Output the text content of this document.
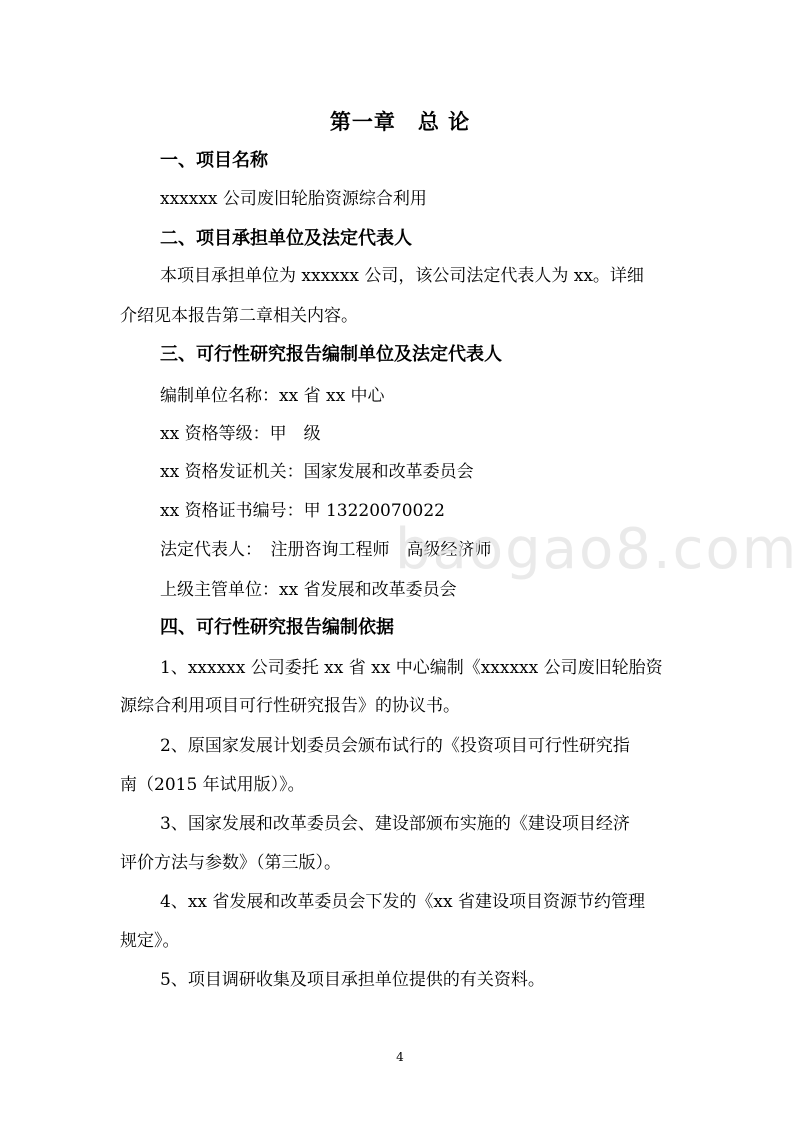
第一章　总 论
一、项目名称
xxxxxx 公司废旧轮胎资源综合利用
二、项目承担单位及法定代表人
本项目承担单位为 xxxxxx 公司，该公司法定代表人为 xx。详细
介绍见本报告第二章相关内容。
三、可行性研究报告编制单位及法定代表人
编制单位名称：xx 省 xx 中心
xx 资格等级：甲　级
xx 资格发证机关：国家发展和改革委员会
xx 资格证书编号：甲 13220070022
法定代表人：　注册咨询工程师　高级经济师
上级主管单位：xx 省发展和改革委员会
四、可行性研究报告编制依据
1、xxxxxx 公司委托 xx 省 xx 中心编制《xxxxxx 公司废旧轮胎资
源综合利用项目可行性研究报告》的协议书。
2、原国家发展计划委员会颁布试行的《投资项目可行性研究指
南（2015 年试用版）》。
3、国家发展和改革委员会、建设部颁布实施的《建设项目经济
评价方法与参数》（第三版）。
4、xx 省发展和改革委员会下发的《xx 省建设项目资源节约管理
规定》。
5、项目调研收集及项目承担单位提供的有关资料。
baogao8.com
4
